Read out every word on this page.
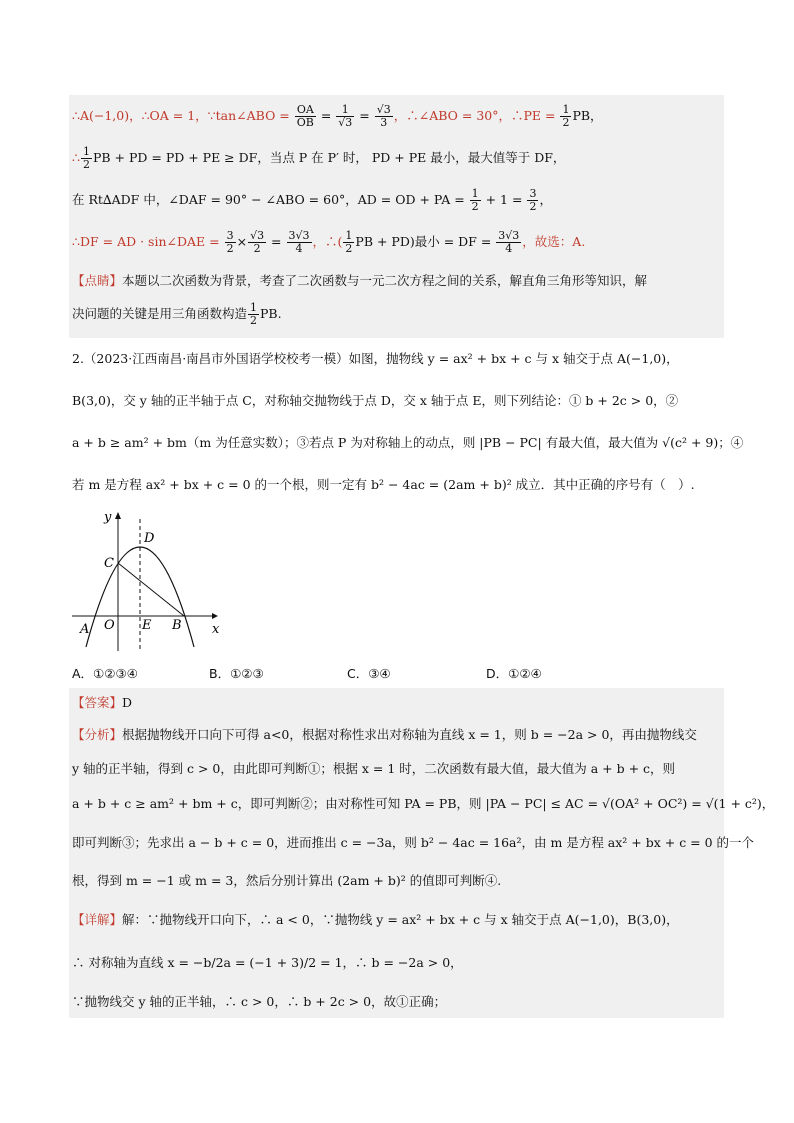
∴A(−1,0)，∴OA = 1，∵tan∠ABO = $\frac{OA}{OB} = \frac{1}{√3} = \frac{√3}{3}$ ，∴∠ABO = 30°，∴PE = $\frac{1}{2}$ PB，
∴ $\frac{1}{2}$ PB + PD = PD + PE ≥ DF，当点 P 在 P′ 时， PD + PE 最小，最大值等于 DF，
在 Rt∆ADF 中，∠DAF = 90° − ∠ABO = 60°，AD = OD + PA = $\frac{1}{2} + 1 = \frac{3}{2}$ ，
∴DF = AD · sin∠DAE = $\frac{3}{2} \times \frac{√3}{2} = \frac{3√3}{4}$ ，∴( $\frac{1}{2}$ PB + PD)最小 = DF = $\frac{3√3}{4}$ ，故选：A.
【点睛】本题以二次函数为背景，考查了二次函数与一元二次方程之间的关系，解直角三角形等知识，解
决问题的关键是用三角函数构造 $\frac{1}{2}$ PB.
2.（2023·江西南昌·南昌市外国语学校校考一模）如图，抛物线 y = ax² + bx + c 与 x 轴交于点 A(−1,0)，
B(3,0)，交 y 轴的正半轴于点 C，对称轴交抛物线于点 D，交 x 轴于点 E，则下列结论：① b + 2c > 0，②
a + b ≥ am² + bm（m 为任意实数）；③若点 P 为对称轴上的动点，则 |PB − PC| 有最大值，最大值为 √(c² + 9)；④
若 m 是方程 ax² + bx + c = 0 的一个根，则一定有 b² − 4ac = (2am + b)² 成立．其中正确的序号有（　）.
y
x
C
D
A O E B
A．①②③④	B．①②③	C．③④	D．①②④
【答案】D
【分析】根据抛物线开口向下可得 a<0，根据对称性求出对称轴为直线 x = 1，则 b = −2a > 0，再由抛物线交
y 轴的正半轴，得到 c > 0，由此即可判断①；根据 x = 1 时，二次函数有最大值，最大值为 a + b + c，则
a + b + c ≥ am² + bm + c，即可判断②；由对称性可知 PA = PB，则 |PA − PC| ≤ AC = √(OA² + OC²) = √(1 + c²)，
即可判断③；先求出 a − b + c = 0，进而推出 c = −3a，则 b² − 4ac = 16a²，由 m 是方程 ax² + bx + c = 0 的一个
根，得到 m = −1 或 m = 3，然后分别计算出 (2am + b)² 的值即可判断④.
【详解】解：∵抛物线开口向下，∴ a < 0，∵抛物线 y = ax² + bx + c 与 x 轴交于点 A(−1,0)，B(3,0)，
∴ 对称轴为直线 x = −b/2a = (−1 + 3)/2 = 1，∴ b = −2a > 0，
∵抛物线交 y 轴的正半轴，∴ c > 0，∴ b + 2c > 0，故①正确；
